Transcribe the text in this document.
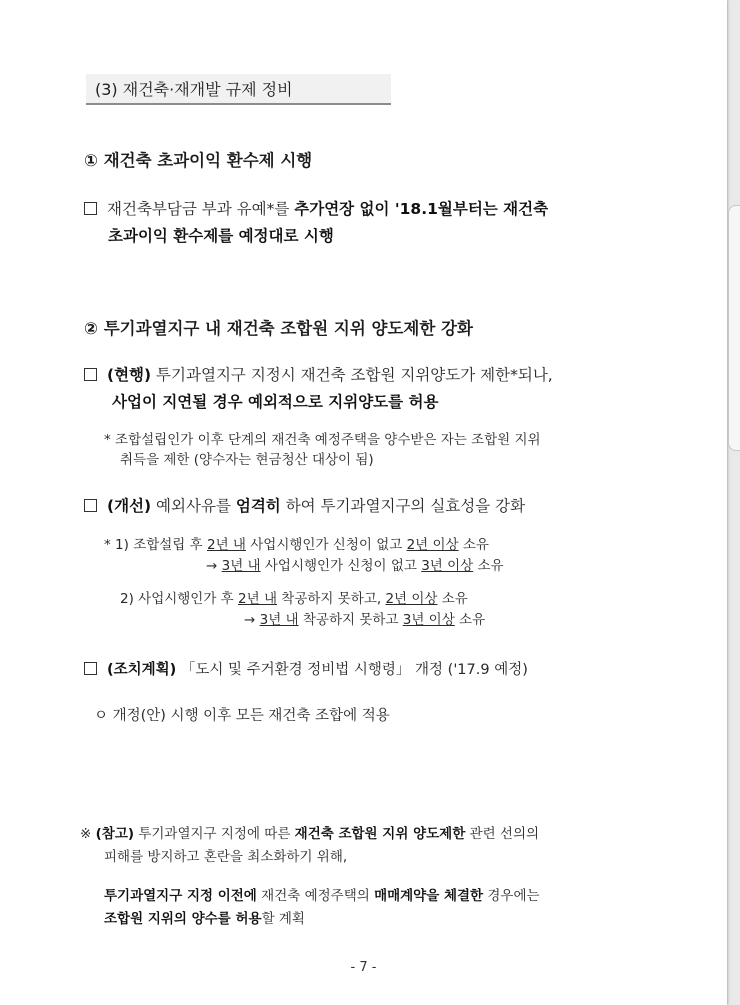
(3) 재건축·재개발 규제 정비
① 재건축 초과이익 환수제 시행
재건축부담금 부과 유예*를 추가연장 없이 '18.1월부터는 재건축
초과이익 환수제를 예정대로 시행
② 투기과열지구 내 재건축 조합원 지위 양도제한 강화
(현행) 투기과열지구 지정시 재건축 조합원 지위양도가 제한*되나,
사업이 지연될 경우 예외적으로 지위양도를 허용
* 조합설립인가 이후 단계의 재건축 예정주택을 양수받은 자는 조합원 지위
취득을 제한 (양수자는 현금청산 대상이 됨)
(개선) 예외사유를 엄격히 하여 투기과열지구의 실효성을 강화
* 1) 조합설립 후 2년 내 사업시행인가 신청이 없고 2년 이상 소유
→ 3년 내 사업시행인가 신청이 없고 3년 이상 소유
2) 사업시행인가 후 2년 내 착공하지 못하고, 2년 이상 소유
→ 3년 내 착공하지 못하고 3년 이상 소유
(조치계획) 「도시 및 주거환경 정비법 시행령」 개정 ('17.9 예정)
ㅇ 개정(안) 시행 이후 모든 재건축 조합에 적용
※ (참고) 투기과열지구 지정에 따른 재건축 조합원 지위 양도제한 관련 선의의
피해를 방지하고 혼란을 최소화하기 위해,
투기과열지구 지정 이전에 재건축 예정주택의 매매계약을 체결한 경우에는
조합원 지위의 양수를 허용할 계획
- 7 -
